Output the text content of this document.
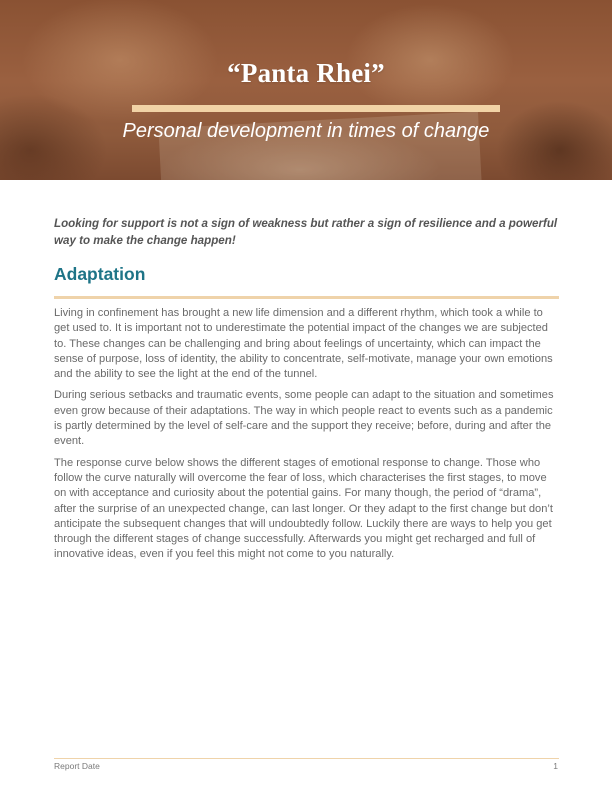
“Panta Rhei”
Personal development in times of change
Looking for support is not a sign of weakness but rather a sign of resilience and a powerful way to make the change happen!
Adaptation

Living in confinement has brought a new life dimension and a different rhythm, which took a while to get used to. It is important not to underestimate the potential impact of the changes we are subjected to. These changes can be challenging and bring about feelings of uncertainty, which can impact the sense of purpose, loss of identity, the ability to concentrate, self-motivate, manage your own emotions and the ability to see the light at the end of the tunnel.

During serious setbacks and traumatic events, some people can adapt to the situation and sometimes even grow because of their adaptations. The way in which people react to events such as a pandemic is partly determined by the level of self-care and the support they receive; before, during and after the event.

The response curve below shows the different stages of emotional response to change. Those who follow the curve naturally will overcome the fear of loss, which characterises the first stages, to move on with acceptance and curiosity about the potential gains. For many though, the period of “drama”, after the surprise of an unexpected change, can last longer. Or they adapt to the first change but don’t anticipate the subsequent changes that will undoubtedly follow. Luckily there are ways to help you get through the different stages of change successfully. Afterwards you might get recharged and full of innovative ideas, even if you feel this might not come to you naturally.

Report Date	1
